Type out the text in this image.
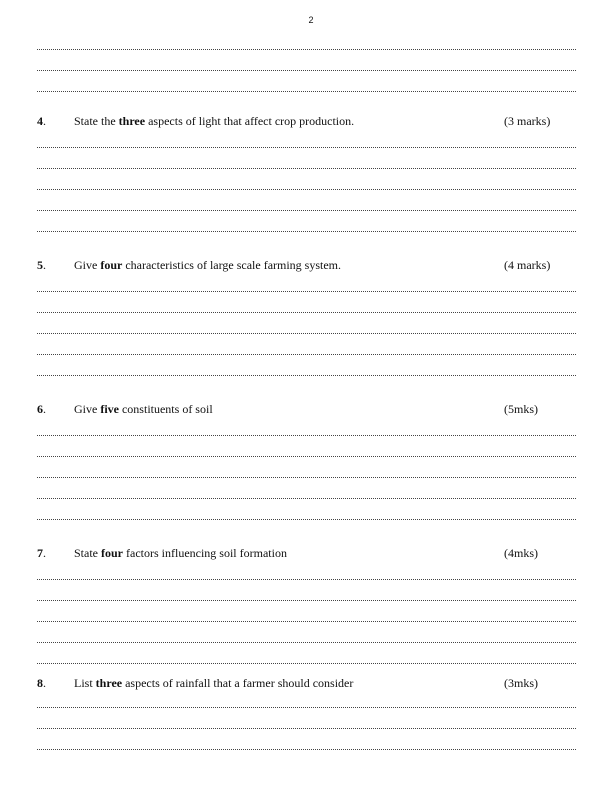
2
4. State the three aspects of light that affect crop production.	(3 marks)
5. Give four characteristics of large scale farming system.	(4 marks)
6. Give five constituents of soil	(5mks)
7. State four factors influencing soil formation	(4mks)
8. List three aspects of rainfall that a farmer should consider	(3mks)
